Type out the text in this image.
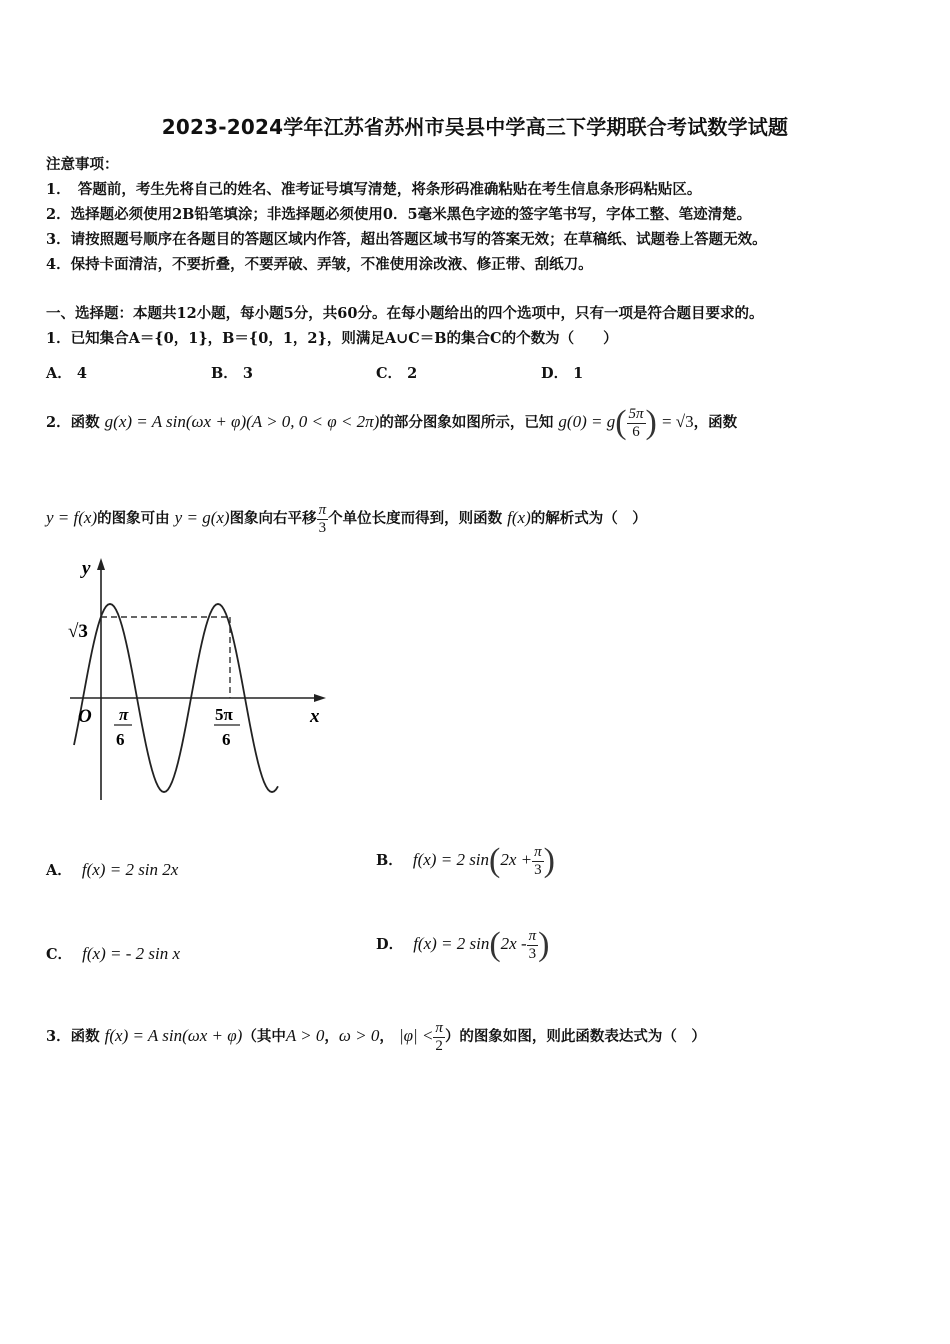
2023-2024学年江苏省苏州市吴县中学高三下学期联合考试数学试题
注意事项：
1．　答题前，考生先将自己的姓名、准考证号填写清楚，将条形码准确粘贴在考生信息条形码粘贴区。
2．选择题必须使用2B铅笔填涂；非选择题必须使用0．5毫米黑色字迹的签字笔书写，字体工整、笔迹清楚。
3．请按照题号顺序在各题目的答题区域内作答，超出答题区域书写的答案无效；在草稿纸、试题卷上答题无效。
4．保持卡面清洁，不要折叠，不要弄破、弄皱，不准使用涂改液、修正带、刮纸刀。
一、选择题：本题共12小题，每小题5分，共60分。在每小题给出的四个选项中，只有一项是符合题目要求的。
1．已知集合A＝{0，1}，B＝{0，1，2}，则满足A∪C＝B的集合C的个数为（　　）
A． 4	B． 3	C． 2	D． 1
2．函数 g(x) = A sin(ωx + φ)(A > 0, 0 < φ < 2π)的部分图象如图所示，已知 $g(0) = g( \frac{5\pi}{6}$ ) = √3，函数
y = f(x)的图象可由 y = g(x)图象向右平移 $\frac{\pi}{3}$ 个单位长度而得到，则函数 f(x)的解析式为（　）
y
x
O
√3
π
6
5π
6
A． f(x) = 2 sin 2x	B． f(x) = 2 $\sin(2x + \frac{\pi}{3}$ )
C． f(x) = - 2 sin x	D． f(x) = 2 $\sin(2x - \frac{\pi}{3}$ )
3．函数 f(x) = A sin(ωx + φ)（其中A > 0，ω > 0， $|\varphi| < \frac{\pi}{2}$ ）的图象如图，则此函数表达式为（　）
